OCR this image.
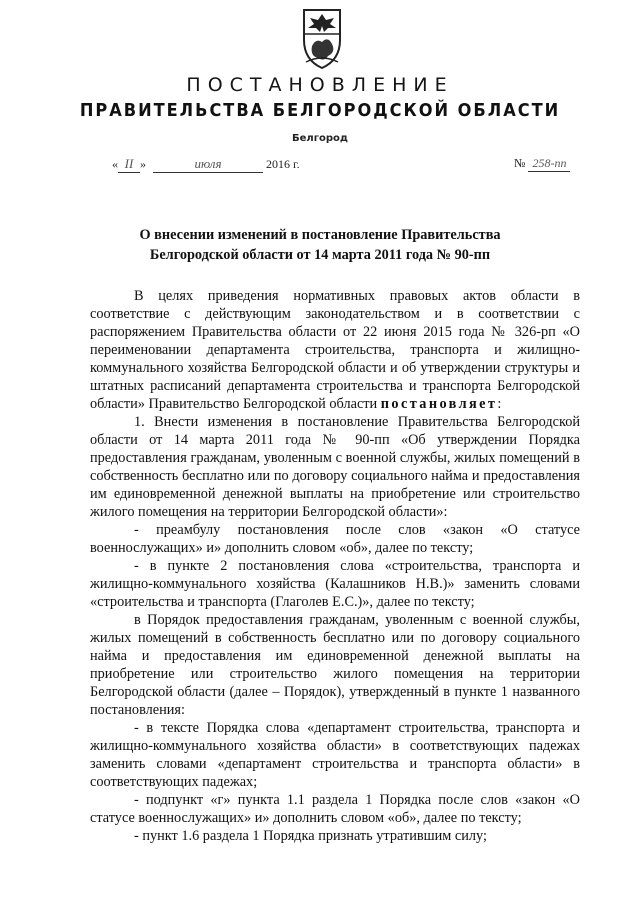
ПОСТАНОВЛЕНИЕ
ПРАВИТЕЛЬСТВА БЕЛГОРОДСКОЙ ОБЛАСТИ
Белгород
« II »	июля	2016 г.	№ 258-пп
О внесении изменений в постановление Правительства
Белгородской области от 14 марта 2011 года № 90-пп

В целях приведения нормативных правовых актов области в соответствие с действующим законодательством и в соответствии с распоряжением Правительства области от 22 июня 2015 года № 326-рп «О переименовании департамента строительства, транспорта и жилищно-коммунального хозяйства Белгородской области и об утверждении структуры и штатных расписаний департамента строительства и транспорта Белгородской области» Правительство Белгородской области постановляет:

1. Внести изменения в постановление Правительства Белгородской области от 14 марта 2011 года № 90-пп «Об утверждении Порядка предоставления гражданам, уволенным с военной службы, жилых помещений в собственность бесплатно или по договору социального найма и предоставления им единовременной денежной выплаты на приобретение или строительство жилого помещения на территории Белгородской области»:

- преамбулу постановления после слов «закон «О статусе военнослужащих» и» дополнить словом «об», далее по тексту;

- в пункте 2 постановления слова «строительства, транспорта и жилищно-коммунального хозяйства (Калашников Н.В.)» заменить словами «строительства и транспорта (Глаголев Е.С.)», далее по тексту;

в Порядок предоставления гражданам, уволенным с военной службы, жилых помещений в собственность бесплатно или по договору социального найма и предоставления им единовременной денежной выплаты на приобретение или строительство жилого помещения на территории Белгородской области (далее – Порядок), утвержденный в пункте 1 названного постановления:

- в тексте Порядка слова «департамент строительства, транспорта и жилищно-коммунального хозяйства области» в соответствующих падежах заменить словами «департамент строительства и транспорта области» в соответствующих падежах;

- подпункт «г» пункта 1.1 раздела 1 Порядка после слов «закон «О статусе военнослужащих» и» дополнить словом «об», далее по тексту;

- пункт 1.6 раздела 1 Порядка признать утратившим силу;
